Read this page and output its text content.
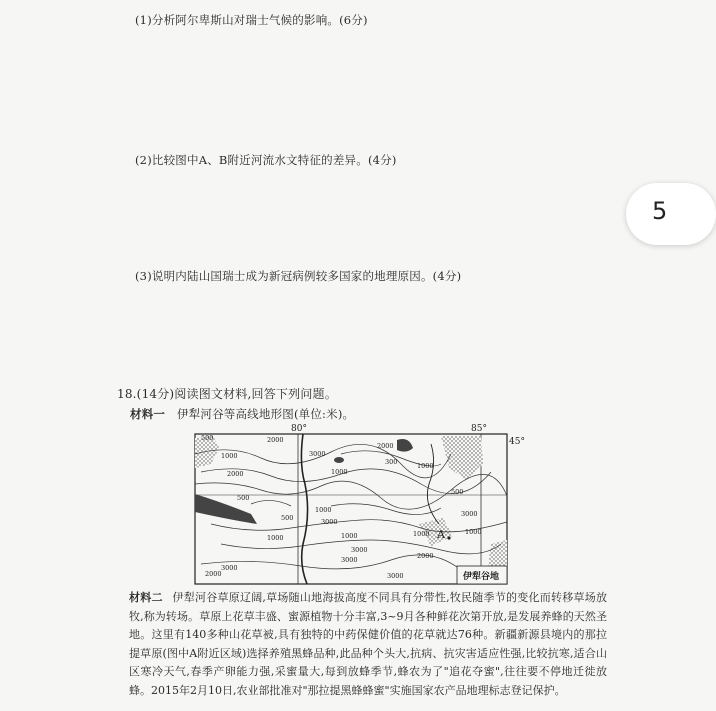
(1)分析阿尔卑斯山对瑞士气候的影响。(6分)
(2)比较图中A、B附近河流水文特征的差异。(4分)
(3)说明内陆山国瑞士成为新冠病例较多国家的地理原因。(4分)
5
18.(14分)阅读图文材料,回答下列问题。
材料一 伊犁河谷等高线地形图(单位:米)。
80°	85°
45°
500	2000
1000	3000
2000
500
1000
2000
300	1000
500
1000
500	3000
1000
3000
1000
3000
2000
3000
1000
2000
3000
1000
3000
A
伊犁谷地
材料二 伊犁河谷草原辽阔,草场随山地海拔高度不同具有分带性,牧民随季节的变化而转移草场放牧,称为转场。草原上花草丰盛、蜜源植物十分丰富,3~9月各种鲜花次第开放,是发展养蜂的天然圣地。这里有140多种山花草被,具有独特的中药保健价值的花草就达76种。新疆新源县境内的那拉提草原(图中A附近区域)选择养殖黑蜂品种,此品种个头大,抗病、抗灾害适应性强,比较抗寒,适合山区寒冷天气,春季产卵能力强,采蜜量大,每到放蜂季节,蜂农为了"追花夺蜜",往往要不停地迁徙放蜂。2015年2月10日,农业部批准对"那拉提黑蜂蜂蜜"实施国家农产品地理标志登记保护。
